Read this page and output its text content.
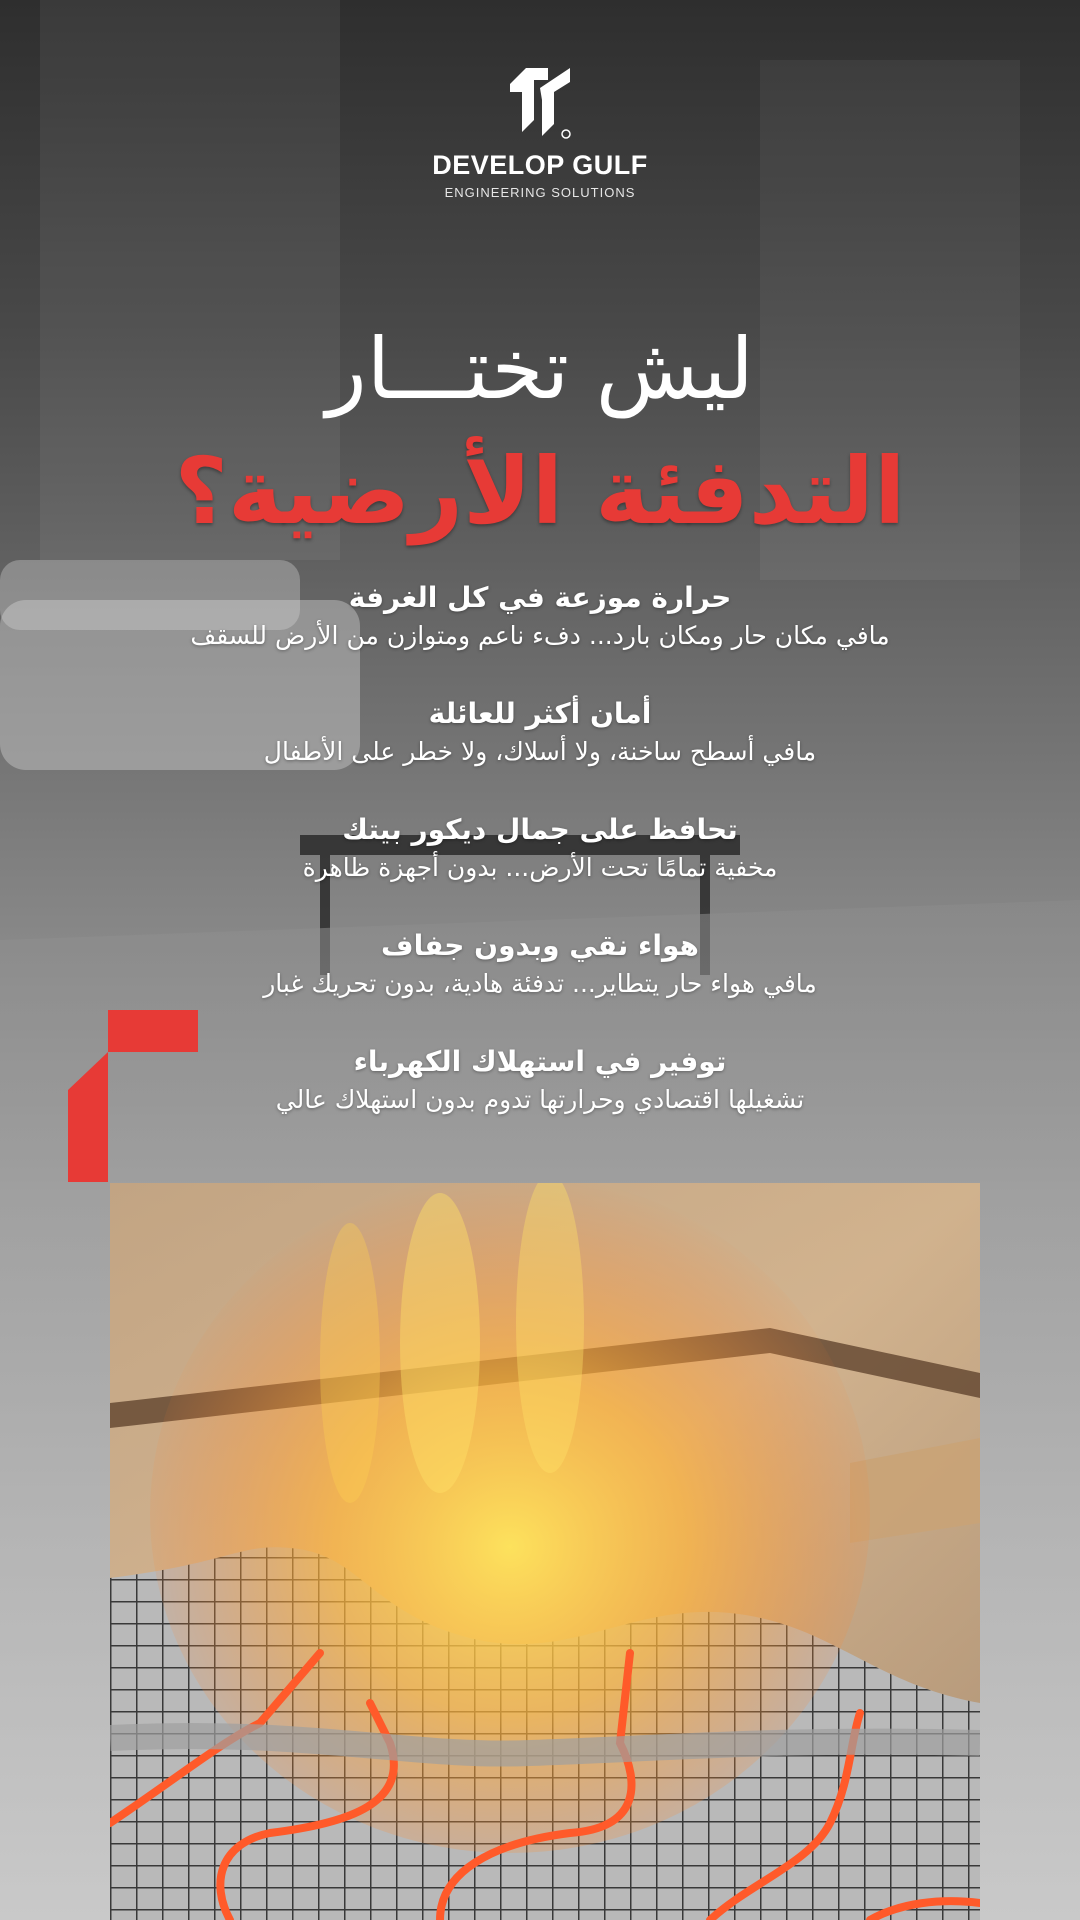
DEVELOP GULF
ENGINEERING SOLUTIONS
ليش تختـــار
التدفئة الأرضية؟
حرارة موزعة في كل الغرفة
مافي مكان حار ومكان بارد... دفء ناعم ومتوازن من الأرض للسقف
أمان أكثر للعائلة
مافي أسطح ساخنة، ولا أسلاك، ولا خطر على الأطفال
تحافظ على جمال ديكور بيتك
مخفية تمامًا تحت الأرض... بدون أجهزة ظاهرة
هواء نقي وبدون جفاف
مافي هواء حار يتطاير... تدفئة هادية، بدون تحريك غبار
توفير في استهلاك الكهرباء
تشغيلها اقتصادي وحرارتها تدوم بدون استهلاك عالي
